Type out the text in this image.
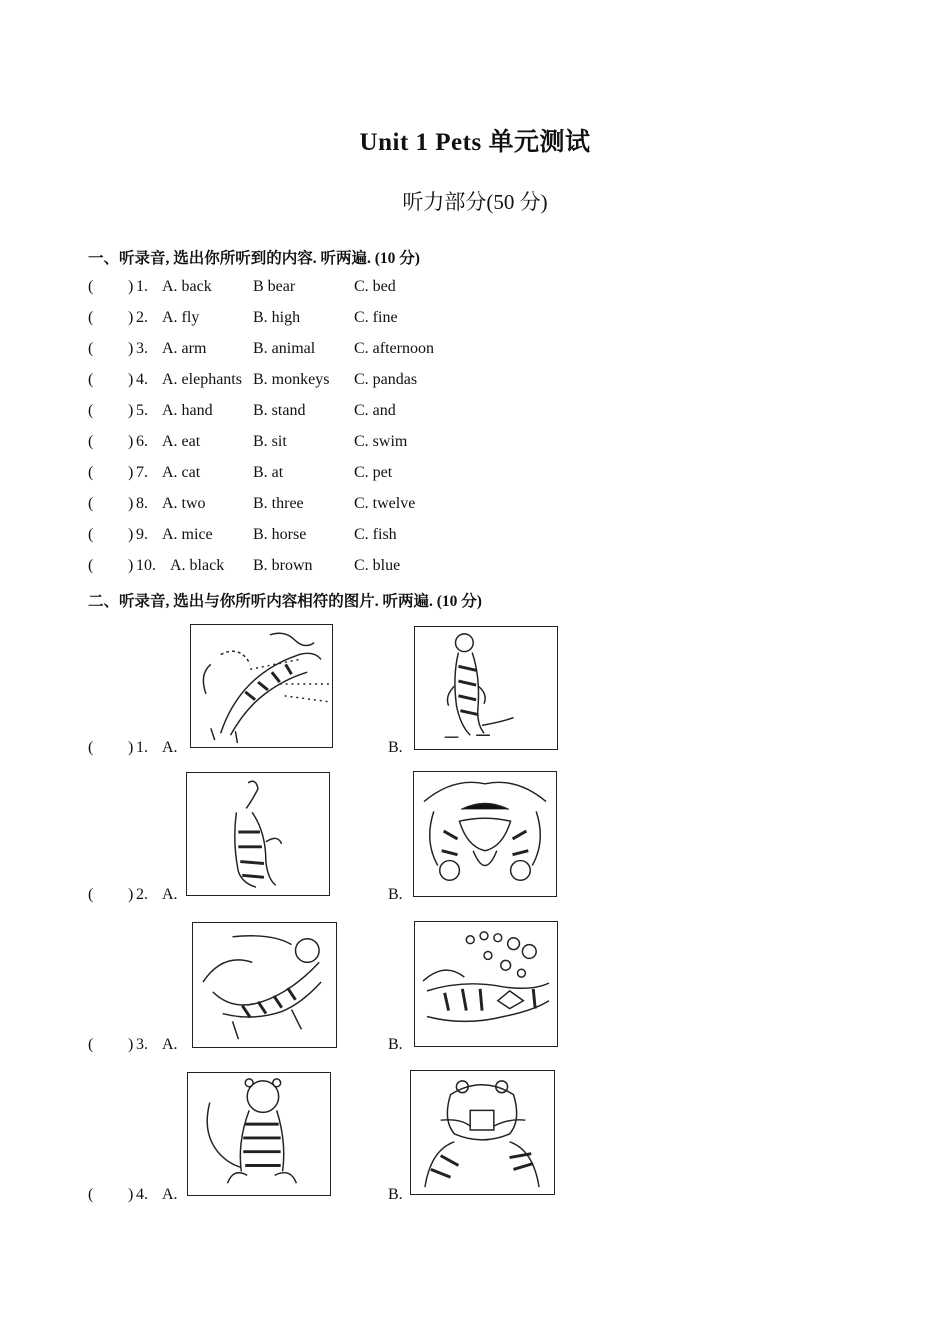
Unit 1 Pets 单元测试
听力部分(50 分)
一、听录音, 选出你所听到的内容. 听两遍. (10 分)
( ) 1. A. back	B bear	C. bed
( ) 2. A. fly	B. high	C. fine
( ) 3. A. arm	B. animal C. afternoon
( ) 4. A. elephants B. monkeys C. pandas
( ) 5. A. hand	B. stand	C. and
( ) 6. A. eat	B. sit	C. swim
( ) 7. A. cat	B. at	C. pet
( ) 8. A. two	B. three	C. twelve
( ) 9. A. mice	B. horse	C. fish
( ) 10. A. black B. brown	C. blue
二、听录音, 选出与你所听内容相符的图片. 听两遍. (10 分)
( ) 1. A.	B.
( ) 2. A.	B.
( ) 3. A.	B.
( ) 4. A.	B.
